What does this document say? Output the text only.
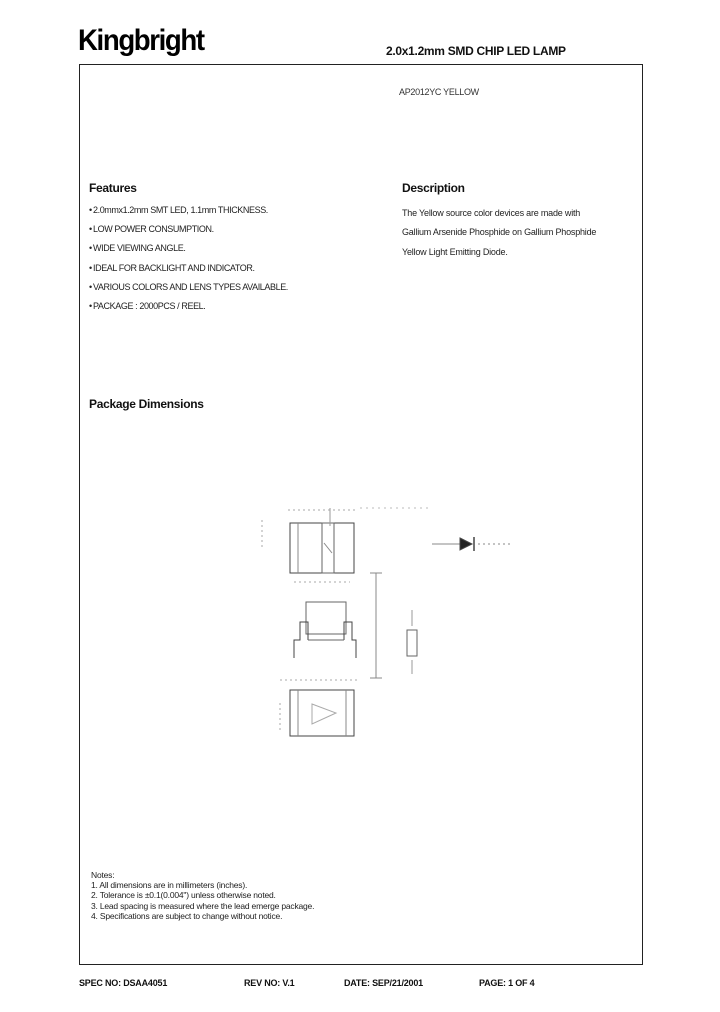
Kingbright	2.0x1.2mm SMD CHIP LED LAMP
AP2012YC YELLOW
Features
•2.0mmx1.2mm SMT LED, 1.1mm THICKNESS.
•LOW POWER CONSUMPTION.
•WIDE VIEWING ANGLE.
•IDEAL FOR BACKLIGHT AND INDICATOR.
•VARIOUS COLORS AND LENS TYPES AVAILABLE.
•PACKAGE : 2000PCS / REEL.
Description
The Yellow source color devices are made with
Gallium Arsenide Phosphide on Gallium Phosphide
Yellow Light Emitting Diode.
Package Dimensions
Notes:
1. All dimensions are in millimeters (inches).
2. Tolerance is ±0.1(0.004") unless otherwise noted.
3. Lead spacing is measured where the lead emerge package.
4. Specifications are subject to change without notice.
SPEC NO: DSAA4051	REV NO: V.1	DATE: SEP/21/2001	PAGE: 1 OF 4
